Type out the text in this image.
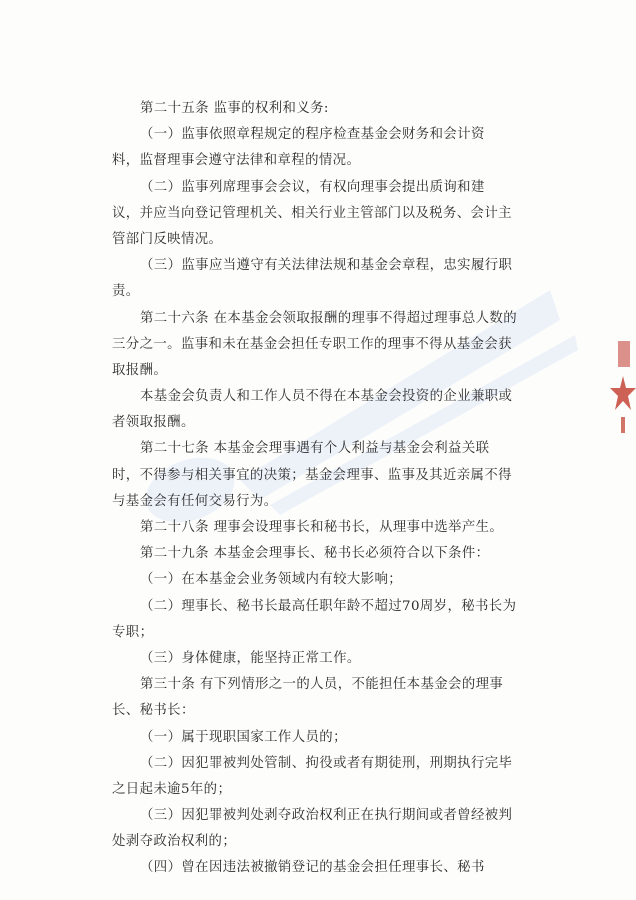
第二十五条 监事的权利和义务:
（一）监事依照章程规定的程序检查基金会财务和会计资
料，监督理事会遵守法律和章程的情况。
（二）监事列席理事会会议，有权向理事会提出质询和建
议，并应当向登记管理机关、相关行业主管部门以及税务、会计主
管部门反映情况。
（三）监事应当遵守有关法律法规和基金会章程，忠实履行职
责。
第二十六条 在本基金会领取报酬的理事不得超过理事总人数的
三分之一。监事和未在基金会担任专职工作的理事不得从基金会获
取报酬。
本基金会负责人和工作人员不得在本基金会投资的企业兼职或
者领取报酬。
第二十七条 本基金会理事遇有个人利益与基金会利益关联
时，不得参与相关事宜的决策；基金会理事、监事及其近亲属不得
与基金会有任何交易行为。
第二十八条 理事会设理事长和秘书长，从理事中选举产生。
第二十九条 本基金会理事长、秘书长必须符合以下条件：
（一）在本基金会业务领域内有较大影响；
（二）理事长、秘书长最高任职年龄不超过70周岁，秘书长为
专职；
（三）身体健康，能坚持正常工作。
第三十条 有下列情形之一的人员，不能担任本基金会的理事
长、秘书长：
（一）属于现职国家工作人员的；
（二）因犯罪被判处管制、拘役或者有期徒刑，刑期执行完毕
之日起未逾5年的；
（三）因犯罪被判处剥夺政治权利正在执行期间或者曾经被判
处剥夺政治权利的；
（四）曾在因违法被撤销登记的基金会担任理事长、秘书
